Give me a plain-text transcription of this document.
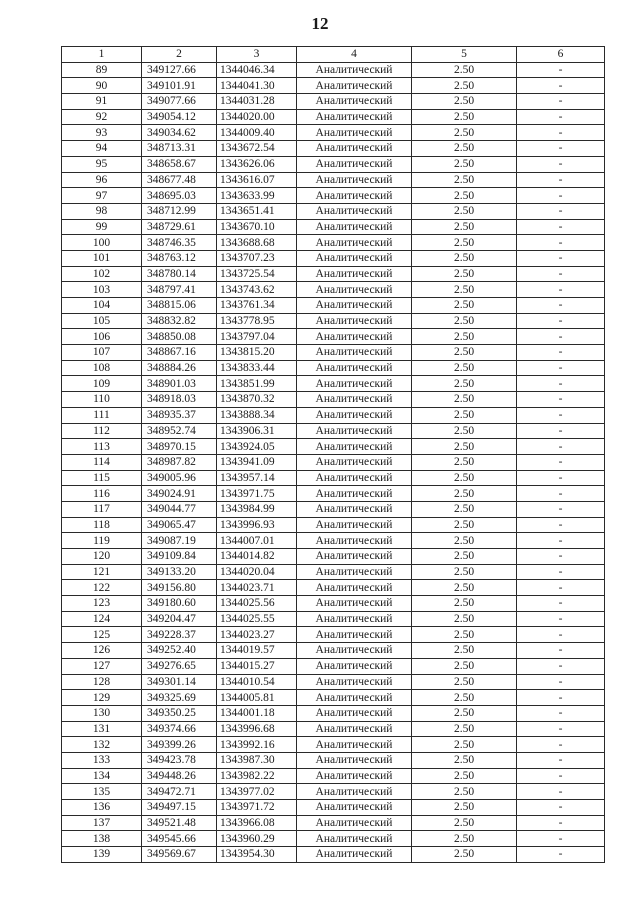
12
1	2	3	4	5	6
89	349127.66	1344046.34	Аналитический	2.50	-
90	349101.91	1344041.30	Аналитический	2.50	-
91	349077.66	1344031.28	Аналитический	2.50	-
92	349054.12	1344020.00	Аналитический	2.50	-
93	349034.62	1344009.40	Аналитический	2.50	-
94	348713.31	1343672.54	Аналитический	2.50	-
95	348658.67	1343626.06	Аналитический	2.50	-
96	348677.48	1343616.07	Аналитический	2.50	-
97	348695.03	1343633.99	Аналитический	2.50	-
98	348712.99	1343651.41	Аналитический	2.50	-
99	348729.61	1343670.10	Аналитический	2.50	-
100	348746.35	1343688.68	Аналитический	2.50	-
101	348763.12	1343707.23	Аналитический	2.50	-
102	348780.14	1343725.54	Аналитический	2.50	-
103	348797.41	1343743.62	Аналитический	2.50	-
104	348815.06	1343761.34	Аналитический	2.50	-
105	348832.82	1343778.95	Аналитический	2.50	-
106	348850.08	1343797.04	Аналитический	2.50	-
107	348867.16	1343815.20	Аналитический	2.50	-
108	348884.26	1343833.44	Аналитический	2.50	-
109	348901.03	1343851.99	Аналитический	2.50	-
110	348918.03	1343870.32	Аналитический	2.50	-
111	348935.37	1343888.34	Аналитический	2.50	-
112	348952.74	1343906.31	Аналитический	2.50	-
113	348970.15	1343924.05	Аналитический	2.50	-
114	348987.82	1343941.09	Аналитический	2.50	-
115	349005.96	1343957.14	Аналитический	2.50	-
116	349024.91	1343971.75	Аналитический	2.50	-
117	349044.77	1343984.99	Аналитический	2.50	-
118	349065.47	1343996.93	Аналитический	2.50	-
119	349087.19	1344007.01	Аналитический	2.50	-
120	349109.84	1344014.82	Аналитический	2.50	-
121	349133.20	1344020.04	Аналитический	2.50	-
122	349156.80	1344023.71	Аналитический	2.50	-
123	349180.60	1344025.56	Аналитический	2.50	-
124	349204.47	1344025.55	Аналитический	2.50	-
125	349228.37	1344023.27	Аналитический	2.50	-
126	349252.40	1344019.57	Аналитический	2.50	-
127	349276.65	1344015.27	Аналитический	2.50	-
128	349301.14	1344010.54	Аналитический	2.50	-
129	349325.69	1344005.81	Аналитический	2.50	-
130	349350.25	1344001.18	Аналитический	2.50	-
131	349374.66	1343996.68	Аналитический	2.50	-
132	349399.26	1343992.16	Аналитический	2.50	-
133	349423.78	1343987.30	Аналитический	2.50	-
134	349448.26	1343982.22	Аналитический	2.50	-
135	349472.71	1343977.02	Аналитический	2.50	-
136	349497.15	1343971.72	Аналитический	2.50	-
137	349521.48	1343966.08	Аналитический	2.50	-
138	349545.66	1343960.29	Аналитический	2.50	-
139	349569.67	1343954.30	Аналитический	2.50	-
